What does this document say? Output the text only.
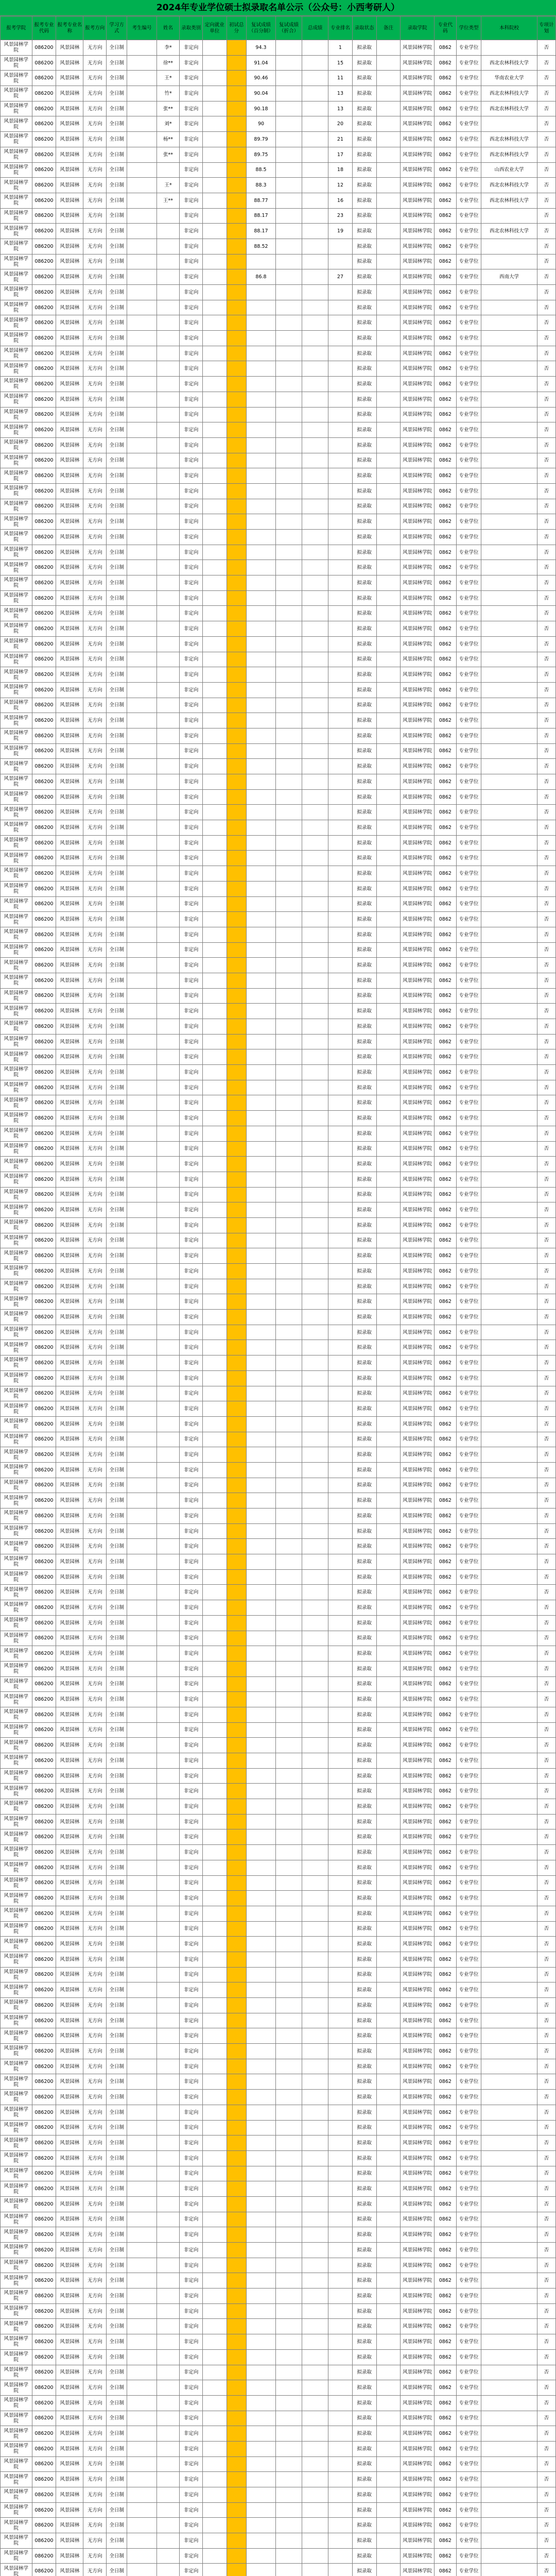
2024年专业学位硕士拟录取名单公示（公众号：小西考研人）
报考学院	报考专业代码	报考专业名称	报考方向	学习方式	考生编号	姓名	录取类别	定向就业单位	初试总分	复试成绩（百分制）	复试成绩（折合）	总成绩	专业排名	录取状态	备注	录取学院	专业代码	学位类型	本科院校	专项计划
风景园林学院	086200	风景园林	无方向	全日制		李*	非定向			94.3			1	拟录取		风景园林学院	0862	专业学位		否
风景园林学院	086200	风景园林	无方向	全日制		徐**	非定向			91.04			15	拟录取		风景园林学院	0862	专业学位	西北农林科技大学	否
风景园林学院	086200	风景园林	无方向	全日制		王*	非定向			90.46			11	拟录取		风景园林学院	0862	专业学位	华南农业大学	否
风景园林学院	086200	风景园林	无方向	全日制		竹*	非定向			90.04			13	拟录取		风景园林学院	0862	专业学位	西北农林科技大学	否
风景园林学院	086200	风景园林	无方向	全日制		张**	非定向			90.18			13	拟录取		风景园林学院	0862	专业学位	西北农林科技大学	否
风景园林学院	086200	风景园林	无方向	全日制		刘*	非定向			90			20	拟录取		风景园林学院	0862	专业学位		否
风景园林学院	086200	风景园林	无方向	全日制		杨**	非定向			89.79			21	拟录取		风景园林学院	0862	专业学位	西北农林科技大学	否
风景园林学院	086200	风景园林	无方向	全日制		张**	非定向			89.75			17	拟录取		风景园林学院	0862	专业学位	西北农林科技大学	否
风景园林学院	086200	风景园林	无方向	全日制			非定向			88.5			18	拟录取		风景园林学院	0862	专业学位	山西农业大学	否
风景园林学院	086200	风景园林	无方向	全日制		王*	非定向			88.3			12	拟录取		风景园林学院	0862	专业学位	西北农林科技大学	否
风景园林学院	086200	风景园林	无方向	全日制		王**	非定向			88.77			16	拟录取		风景园林学院	0862	专业学位	西北农林科技大学	否
风景园林学院	086200	风景园林	无方向	全日制			非定向			88.17			23	拟录取		风景园林学院	0862	专业学位		否
风景园林学院	086200	风景园林	无方向	全日制			非定向			88.17			19	拟录取		风景园林学院	0862	专业学位	西北农林科技大学	否
风景园林学院	086200	风景园林	无方向	全日制			非定向			88.52				拟录取		风景园林学院	0862	专业学位		否
风景园林学院	086200	风景园林	无方向	全日制			非定向							拟录取		风景园林学院	0862	专业学位		否
风景园林学院	086200	风景园林	无方向	全日制			非定向			86.8			27	拟录取		风景园林学院	0862	专业学位	西南大学	否
风景园林学院	086200	风景园林	无方向	全日制			非定向							拟录取		风景园林学院	0862	专业学位		否
风景园林学院	086200	风景园林	无方向	全日制			非定向							拟录取		风景园林学院	0862	专业学位		否
风景园林学院	086200	风景园林	无方向	全日制			非定向							拟录取		风景园林学院	0862	专业学位		否
风景园林学院	086200	风景园林	无方向	全日制			非定向							拟录取		风景园林学院	0862	专业学位		否
风景园林学院	086200	风景园林	无方向	全日制			非定向							拟录取		风景园林学院	0862	专业学位		否
风景园林学院	086200	风景园林	无方向	全日制			非定向							拟录取		风景园林学院	0862	专业学位		否
风景园林学院	086200	风景园林	无方向	全日制			非定向							拟录取		风景园林学院	0862	专业学位		否
风景园林学院	086200	风景园林	无方向	全日制			非定向							拟录取		风景园林学院	0862	专业学位		否
风景园林学院	086200	风景园林	无方向	全日制			非定向							拟录取		风景园林学院	0862	专业学位		否
风景园林学院	086200	风景园林	无方向	全日制			非定向							拟录取		风景园林学院	0862	专业学位		否
风景园林学院	086200	风景园林	无方向	全日制			非定向							拟录取		风景园林学院	0862	专业学位		否
风景园林学院	086200	风景园林	无方向	全日制			非定向							拟录取		风景园林学院	0862	专业学位		否
风景园林学院	086200	风景园林	无方向	全日制			非定向							拟录取		风景园林学院	0862	专业学位		否
风景园林学院	086200	风景园林	无方向	全日制			非定向							拟录取		风景园林学院	0862	专业学位		否
风景园林学院	086200	风景园林	无方向	全日制			非定向							拟录取		风景园林学院	0862	专业学位		否
风景园林学院	086200	风景园林	无方向	全日制			非定向							拟录取		风景园林学院	0862	专业学位		否
风景园林学院	086200	风景园林	无方向	全日制			非定向							拟录取		风景园林学院	0862	专业学位		否
风景园林学院	086200	风景园林	无方向	全日制			非定向							拟录取		风景园林学院	0862	专业学位		否
风景园林学院	086200	风景园林	无方向	全日制			非定向							拟录取		风景园林学院	0862	专业学位		否
风景园林学院	086200	风景园林	无方向	全日制			非定向							拟录取		风景园林学院	0862	专业学位		否
风景园林学院	086200	风景园林	无方向	全日制			非定向							拟录取		风景园林学院	0862	专业学位		否
风景园林学院	086200	风景园林	无方向	全日制			非定向							拟录取		风景园林学院	0862	专业学位		否
风景园林学院	086200	风景园林	无方向	全日制			非定向							拟录取		风景园林学院	0862	专业学位		否
风景园林学院	086200	风景园林	无方向	全日制			非定向							拟录取		风景园林学院	0862	专业学位		否
风景园林学院	086200	风景园林	无方向	全日制			非定向							拟录取		风景园林学院	0862	专业学位		否
风景园林学院	086200	风景园林	无方向	全日制			非定向							拟录取		风景园林学院	0862	专业学位		否
风景园林学院	086200	风景园林	无方向	全日制			非定向							拟录取		风景园林学院	0862	专业学位		否
风景园林学院	086200	风景园林	无方向	全日制			非定向							拟录取		风景园林学院	0862	专业学位		否
风景园林学院	086200	风景园林	无方向	全日制			非定向							拟录取		风景园林学院	0862	专业学位		否
风景园林学院	086200	风景园林	无方向	全日制			非定向							拟录取		风景园林学院	0862	专业学位		否
风景园林学院	086200	风景园林	无方向	全日制			非定向							拟录取		风景园林学院	0862	专业学位		否
风景园林学院	086200	风景园林	无方向	全日制			非定向							拟录取		风景园林学院	0862	专业学位		否
风景园林学院	086200	风景园林	无方向	全日制			非定向							拟录取		风景园林学院	0862	专业学位		否
风景园林学院	086200	风景园林	无方向	全日制			非定向							拟录取		风景园林学院	0862	专业学位		否
风景园林学院	086200	风景园林	无方向	全日制			非定向							拟录取		风景园林学院	0862	专业学位		否
风景园林学院	086200	风景园林	无方向	全日制			非定向							拟录取		风景园林学院	0862	专业学位		否
风景园林学院	086200	风景园林	无方向	全日制			非定向							拟录取		风景园林学院	0862	专业学位		否
风景园林学院	086200	风景园林	无方向	全日制			非定向							拟录取		风景园林学院	0862	专业学位		否
风景园林学院	086200	风景园林	无方向	全日制			非定向							拟录取		风景园林学院	0862	专业学位		否
风景园林学院	086200	风景园林	无方向	全日制			非定向							拟录取		风景园林学院	0862	专业学位		否
风景园林学院	086200	风景园林	无方向	全日制			非定向							拟录取		风景园林学院	0862	专业学位		否
风景园林学院	086200	风景园林	无方向	全日制			非定向							拟录取		风景园林学院	0862	专业学位		否
风景园林学院	086200	风景园林	无方向	全日制			非定向							拟录取		风景园林学院	0862	专业学位		否
风景园林学院	086200	风景园林	无方向	全日制			非定向							拟录取		风景园林学院	0862	专业学位		否
风景园林学院	086200	风景园林	无方向	全日制			非定向							拟录取		风景园林学院	0862	专业学位		否
风景园林学院	086200	风景园林	无方向	全日制			非定向							拟录取		风景园林学院	0862	专业学位		否
风景园林学院	086200	风景园林	无方向	全日制			非定向							拟录取		风景园林学院	0862	专业学位		否
风景园林学院	086200	风景园林	无方向	全日制			非定向							拟录取		风景园林学院	0862	专业学位		否
风景园林学院	086200	风景园林	无方向	全日制			非定向							拟录取		风景园林学院	0862	专业学位		否
风景园林学院	086200	风景园林	无方向	全日制			非定向							拟录取		风景园林学院	0862	专业学位		否
风景园林学院	086200	风景园林	无方向	全日制			非定向							拟录取		风景园林学院	0862	专业学位		否
风景园林学院	086200	风景园林	无方向	全日制			非定向							拟录取		风景园林学院	0862	专业学位		否
风景园林学院	086200	风景园林	无方向	全日制			非定向							拟录取		风景园林学院	0862	专业学位		否
风景园林学院	086200	风景园林	无方向	全日制			非定向							拟录取		风景园林学院	0862	专业学位		否
风景园林学院	086200	风景园林	无方向	全日制			非定向							拟录取		风景园林学院	0862	专业学位		否
风景园林学院	086200	风景园林	无方向	全日制			非定向							拟录取		风景园林学院	0862	专业学位		否
风景园林学院	086200	风景园林	无方向	全日制			非定向							拟录取		风景园林学院	0862	专业学位		否
风景园林学院	086200	风景园林	无方向	全日制			非定向							拟录取		风景园林学院	0862	专业学位		否
风景园林学院	086200	风景园林	无方向	全日制			非定向							拟录取		风景园林学院	0862	专业学位		否
风景园林学院	086200	风景园林	无方向	全日制			非定向							拟录取		风景园林学院	0862	专业学位		否
风景园林学院	086200	风景园林	无方向	全日制			非定向							拟录取		风景园林学院	0862	专业学位		否
风景园林学院	086200	风景园林	无方向	全日制			非定向							拟录取		风景园林学院	0862	专业学位		否
风景园林学院	086200	风景园林	无方向	全日制			非定向							拟录取		风景园林学院	0862	专业学位		否
风景园林学院	086200	风景园林	无方向	全日制			非定向							拟录取		风景园林学院	0862	专业学位		否
风景园林学院	086200	风景园林	无方向	全日制			非定向							拟录取		风景园林学院	0862	专业学位		否
风景园林学院	086200	风景园林	无方向	全日制			非定向							拟录取		风景园林学院	0862	专业学位		否
风景园林学院	086200	风景园林	无方向	全日制			非定向							拟录取		风景园林学院	0862	专业学位		否
风景园林学院	086200	风景园林	无方向	全日制			非定向							拟录取		风景园林学院	0862	专业学位		否
风景园林学院	086200	风景园林	无方向	全日制			非定向							拟录取		风景园林学院	0862	专业学位		否
风景园林学院	086200	风景园林	无方向	全日制			非定向							拟录取		风景园林学院	0862	专业学位		否
风景园林学院	086200	风景园林	无方向	全日制			非定向							拟录取		风景园林学院	0862	专业学位		否
风景园林学院	086200	风景园林	无方向	全日制			非定向							拟录取		风景园林学院	0862	专业学位		否
风景园林学院	086200	风景园林	无方向	全日制			非定向							拟录取		风景园林学院	0862	专业学位		否
风景园林学院	086200	风景园林	无方向	全日制			非定向							拟录取		风景园林学院	0862	专业学位		否
风景园林学院	086200	风景园林	无方向	全日制			非定向							拟录取		风景园林学院	0862	专业学位		否
风景园林学院	086200	风景园林	无方向	全日制			非定向							拟录取		风景园林学院	0862	专业学位		否
风景园林学院	086200	风景园林	无方向	全日制			非定向							拟录取		风景园林学院	0862	专业学位		否
风景园林学院	086200	风景园林	无方向	全日制			非定向							拟录取		风景园林学院	0862	专业学位		否
风景园林学院	086200	风景园林	无方向	全日制			非定向							拟录取		风景园林学院	0862	专业学位		否
风景园林学院	086200	风景园林	无方向	全日制			非定向							拟录取		风景园林学院	0862	专业学位		否
风景园林学院	086200	风景园林	无方向	全日制			非定向							拟录取		风景园林学院	0862	专业学位		否
风景园林学院	086200	风景园林	无方向	全日制			非定向							拟录取		风景园林学院	0862	专业学位		否
风景园林学院	086200	风景园林	无方向	全日制			非定向							拟录取		风景园林学院	0862	专业学位		否
风景园林学院	086200	风景园林	无方向	全日制			非定向							拟录取		风景园林学院	0862	专业学位		否
风景园林学院	086200	风景园林	无方向	全日制			非定向							拟录取		风景园林学院	0862	专业学位		否
风景园林学院	086200	风景园林	无方向	全日制			非定向							拟录取		风景园林学院	0862	专业学位		否
风景园林学院	086200	风景园林	无方向	全日制			非定向							拟录取		风景园林学院	0862	专业学位		否
风景园林学院	086200	风景园林	无方向	全日制			非定向							拟录取		风景园林学院	0862	专业学位		否
风景园林学院	086200	风景园林	无方向	全日制			非定向							拟录取		风景园林学院	0862	专业学位		否
风景园林学院	086200	风景园林	无方向	全日制			非定向							拟录取		风景园林学院	0862	专业学位		否
风景园林学院	086200	风景园林	无方向	全日制			非定向							拟录取		风景园林学院	0862	专业学位		否
风景园林学院	086200	风景园林	无方向	全日制			非定向							拟录取		风景园林学院	0862	专业学位		否
风景园林学院	086200	风景园林	无方向	全日制			非定向							拟录取		风景园林学院	0862	专业学位		否
风景园林学院	086200	风景园林	无方向	全日制			非定向							拟录取		风景园林学院	0862	专业学位		否
风景园林学院	086200	风景园林	无方向	全日制			非定向							拟录取		风景园林学院	0862	专业学位		否
风景园林学院	086200	风景园林	无方向	全日制			非定向							拟录取		风景园林学院	0862	专业学位		否
风景园林学院	086200	风景园林	无方向	全日制			非定向							拟录取		风景园林学院	0862	专业学位		否
风景园林学院	086200	风景园林	无方向	全日制			非定向							拟录取		风景园林学院	0862	专业学位		否
风景园林学院	086200	风景园林	无方向	全日制			非定向							拟录取		风景园林学院	0862	专业学位		否
风景园林学院	086200	风景园林	无方向	全日制			非定向							拟录取		风景园林学院	0862	专业学位		否
风景园林学院	086200	风景园林	无方向	全日制			非定向							拟录取		风景园林学院	0862	专业学位		否
风景园林学院	086200	风景园林	无方向	全日制			非定向							拟录取		风景园林学院	0862	专业学位		否
风景园林学院	086200	风景园林	无方向	全日制			非定向							拟录取		风景园林学院	0862	专业学位		否
风景园林学院	086200	风景园林	无方向	全日制			非定向							拟录取		风景园林学院	0862	专业学位		否
风景园林学院	086200	风景园林	无方向	全日制			非定向							拟录取		风景园林学院	0862	专业学位		否
风景园林学院	086200	风景园林	无方向	全日制			非定向							拟录取		风景园林学院	0862	专业学位		否
风景园林学院	086200	风景园林	无方向	全日制			非定向							拟录取		风景园林学院	0862	专业学位		否
风景园林学院	086200	风景园林	无方向	全日制			非定向							拟录取		风景园林学院	0862	专业学位		否
风景园林学院	086200	风景园林	无方向	全日制			非定向							拟录取		风景园林学院	0862	专业学位		否
风景园林学院	086200	风景园林	无方向	全日制			非定向							拟录取		风景园林学院	0862	专业学位		否
风景园林学院	086200	风景园林	无方向	全日制			非定向							拟录取		风景园林学院	0862	专业学位		否
风景园林学院	086200	风景园林	无方向	全日制			非定向							拟录取		风景园林学院	0862	专业学位		否
风景园林学院	086200	风景园林	无方向	全日制			非定向							拟录取		风景园林学院	0862	专业学位		否
风景园林学院	086200	风景园林	无方向	全日制			非定向							拟录取		风景园林学院	0862	专业学位		否
风景园林学院	086200	风景园林	无方向	全日制			非定向							拟录取		风景园林学院	0862	专业学位		否
风景园林学院	086200	风景园林	无方向	全日制			非定向							拟录取		风景园林学院	0862	专业学位		否
风景园林学院	086200	风景园林	无方向	全日制			非定向							拟录取		风景园林学院	0862	专业学位		否
风景园林学院	086200	风景园林	无方向	全日制			非定向							拟录取		风景园林学院	0862	专业学位		否
风景园林学院	086200	风景园林	无方向	全日制			非定向							拟录取		风景园林学院	0862	专业学位		否
风景园林学院	086200	风景园林	无方向	全日制			非定向							拟录取		风景园林学院	0862	专业学位		否
风景园林学院	086200	风景园林	无方向	全日制			非定向							拟录取		风景园林学院	0862	专业学位		否
风景园林学院	086200	风景园林	无方向	全日制			非定向							拟录取		风景园林学院	0862	专业学位		否
风景园林学院	086200	风景园林	无方向	全日制			非定向							拟录取		风景园林学院	0862	专业学位		否
风景园林学院	086200	风景园林	无方向	全日制			非定向							拟录取		风景园林学院	0862	专业学位		否
风景园林学院	086200	风景园林	无方向	全日制			非定向							拟录取		风景园林学院	0862	专业学位		否
风景园林学院	086200	风景园林	无方向	全日制			非定向							拟录取		风景园林学院	0862	专业学位		否
风景园林学院	086200	风景园林	无方向	全日制			非定向							拟录取		风景园林学院	0862	专业学位		否
风景园林学院	086200	风景园林	无方向	全日制			非定向							拟录取		风景园林学院	0862	专业学位		否
风景园林学院	086200	风景园林	无方向	全日制			非定向							拟录取		风景园林学院	0862	专业学位		否
风景园林学院	086200	风景园林	无方向	全日制			非定向							拟录取		风景园林学院	0862	专业学位		否
风景园林学院	086200	风景园林	无方向	全日制			非定向							拟录取		风景园林学院	0862	专业学位		否
风景园林学院	086200	风景园林	无方向	全日制			非定向							拟录取		风景园林学院	0862	专业学位		否
风景园林学院	086200	风景园林	无方向	全日制			非定向							拟录取		风景园林学院	0862	专业学位		否
风景园林学院	086200	风景园林	无方向	全日制			非定向							拟录取		风景园林学院	0862	专业学位		否
风景园林学院	086200	风景园林	无方向	全日制			非定向							拟录取		风景园林学院	0862	专业学位		否
风景园林学院	086200	风景园林	无方向	全日制			非定向							拟录取		风景园林学院	0862	专业学位		否
风景园林学院	086200	风景园林	无方向	全日制			非定向							拟录取		风景园林学院	0862	专业学位		否
风景园林学院	086200	风景园林	无方向	全日制			非定向							拟录取		风景园林学院	0862	专业学位		否
风景园林学院	086200	风景园林	无方向	全日制			非定向							拟录取		风景园林学院	0862	专业学位		否
风景园林学院	086200	风景园林	无方向	全日制			非定向							拟录取		风景园林学院	0862	专业学位		否
风景园林学院	086200	风景园林	无方向	全日制			非定向							拟录取		风景园林学院	0862	专业学位		否
风景园林学院	086200	风景园林	无方向	全日制			非定向							拟录取		风景园林学院	0862	专业学位		否
风景园林学院	086200	风景园林	无方向	全日制			非定向							拟录取		风景园林学院	0862	专业学位		否
风景园林学院	086200	风景园林	无方向	全日制			非定向							拟录取		风景园林学院	0862	专业学位		否
风景园林学院	086200	风景园林	无方向	全日制			非定向							拟录取		风景园林学院	0862	专业学位		否
风景园林学院	086200	风景园林	无方向	全日制			非定向							拟录取		风景园林学院	0862	专业学位		否
风景园林学院	086200	风景园林	无方向	全日制			非定向							拟录取		风景园林学院	0862	专业学位		否
风景园林学院	086200	风景园林	无方向	全日制			非定向							拟录取		风景园林学院	0862	专业学位		否
风景园林学院	086200	风景园林	无方向	全日制			非定向							拟录取		风景园林学院	0862	专业学位		否
风景园林学院	086200	风景园林	无方向	全日制			非定向							拟录取		风景园林学院	0862	专业学位		否
